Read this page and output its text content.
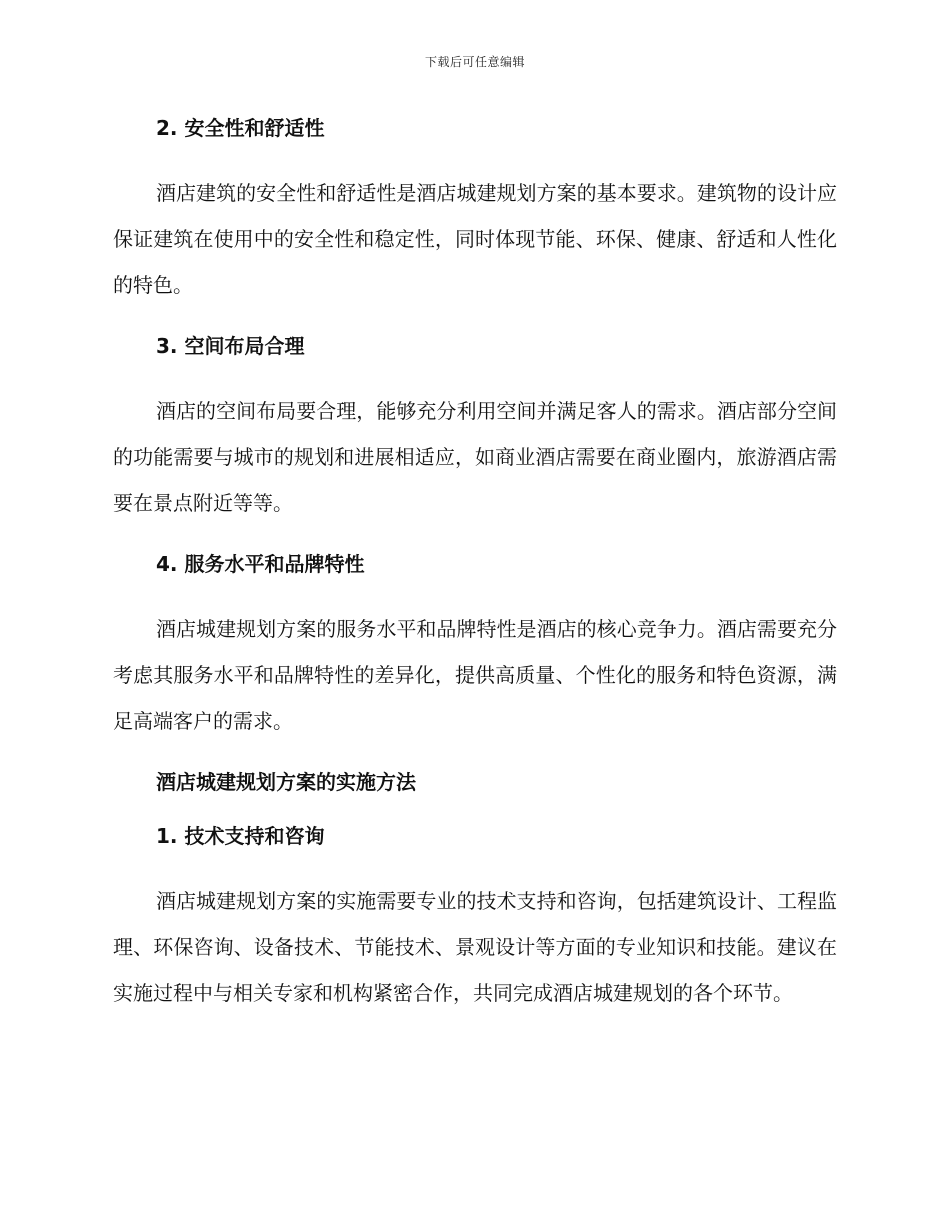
下载后可任意编辑
2. 安全性和舒适性

酒店建筑的安全性和舒适性是酒店城建规划方案的基本要求。建筑物的设计应保证建筑在使用中的安全性和稳定性，同时体现节能、环保、健康、舒适和人性化的特色。

3. 空间布局合理

酒店的空间布局要合理，能够充分利用空间并满足客人的需求。酒店部分空间的功能需要与城市的规划和进展相适应，如商业酒店需要在商业圈内，旅游酒店需要在景点附近等等。

4. 服务水平和品牌特性

酒店城建规划方案的服务水平和品牌特性是酒店的核心竞争力。酒店需要充分考虑其服务水平和品牌特性的差异化，提供高质量、个性化的服务和特色资源，满足高端客户的需求。

酒店城建规划方案的实施方法
1. 技术支持和咨询

酒店城建规划方案的实施需要专业的技术支持和咨询，包括建筑设计、工程监理、环保咨询、设备技术、节能技术、景观设计等方面的专业知识和技能。建议在实施过程中与相关专家和机构紧密合作，共同完成酒店城建规划的各个环节。
